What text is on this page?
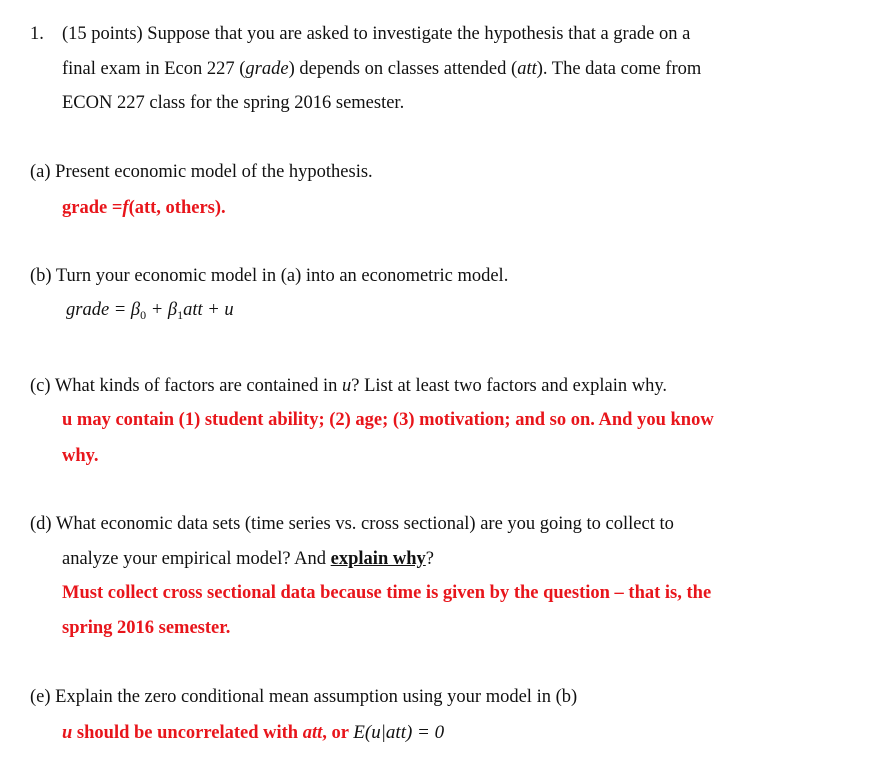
1. (15 points) Suppose that you are asked to investigate the hypothesis that a grade on a
final exam in Econ 227 (grade) depends on classes attended (att). The data come from
ECON 227 class for the spring 2016 semester.
(a) Present economic model of the hypothesis.
grade =f(att, others).
(b) Turn your economic model in (a) into an econometric model.
grade = $\beta_0 + \beta_1att + u$
(c) What kinds of factors are contained in u? List at least two factors and explain why.
u may contain (1) student ability; (2) age; (3) motivation; and so on. And you know
why.
(d) What economic data sets (time series vs. cross sectional) are you going to collect to
analyze your empirical model? And explain why?
Must collect cross sectional data because time is given by the question – that is, the
spring 2016 semester.
(e) Explain the zero conditional mean assumption using your model in (b)
u should be uncorrelated with att, or E(u|att) = 0
